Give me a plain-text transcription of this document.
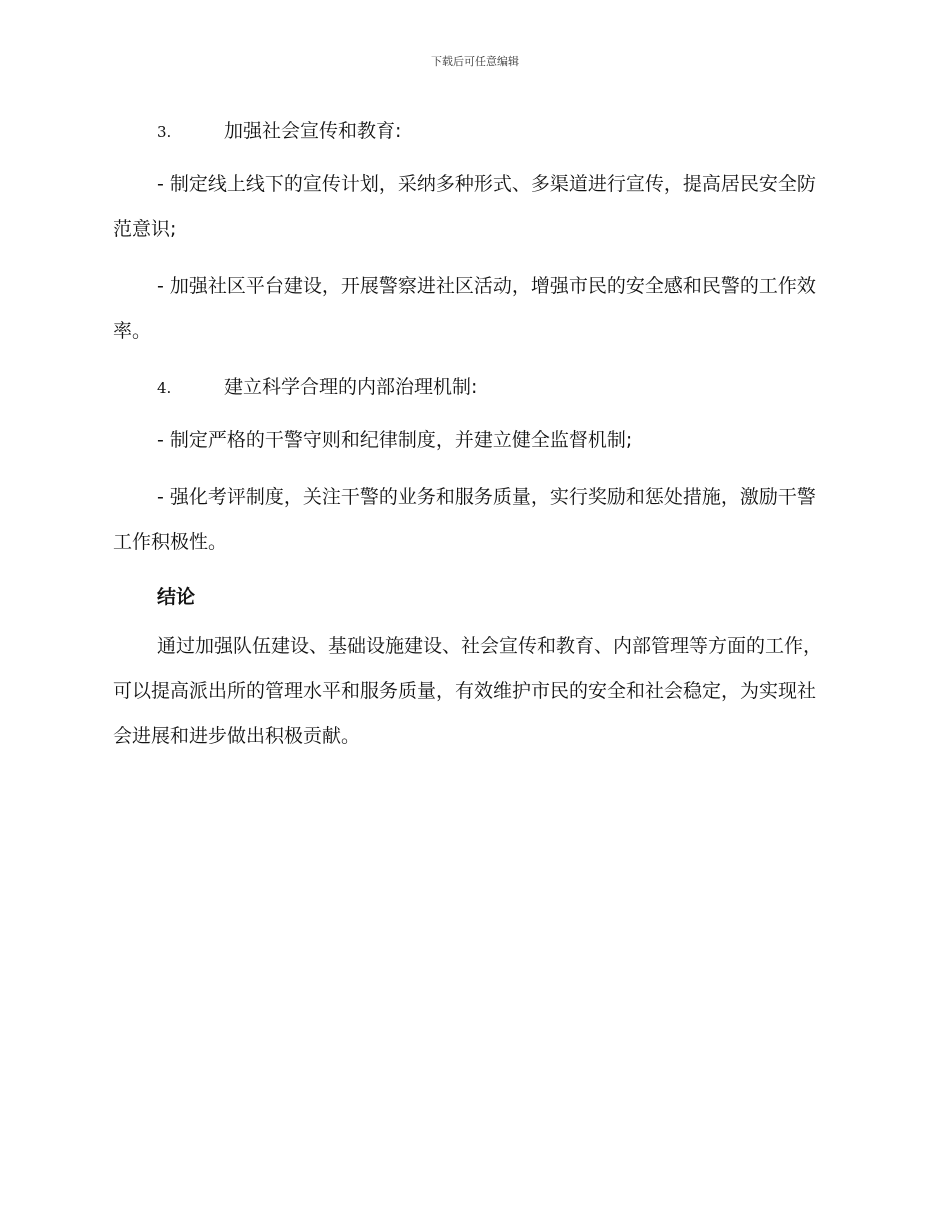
下载后可任意编辑
3.	加强社会宣传和教育:

- 制定线上线下的宣传计划，采纳多种形式、多渠道进行宣传，提高居民安全防范意识;

- 加强社区平台建设，开展警察进社区活动，增强市民的安全感和民警的工作效率。

4.	建立科学合理的内部治理机制:

- 制定严格的干警守则和纪律制度，并建立健全监督机制;

- 强化考评制度，关注干警的业务和服务质量，实行奖励和惩处措施，激励干警工作积极性。

结论

通过加强队伍建设、基础设施建设、社会宣传和教育、内部管理等方面的工作，可以提高派出所的管理水平和服务质量，有效维护市民的安全和社会稳定，为实现社会进展和进步做出积极贡献。
